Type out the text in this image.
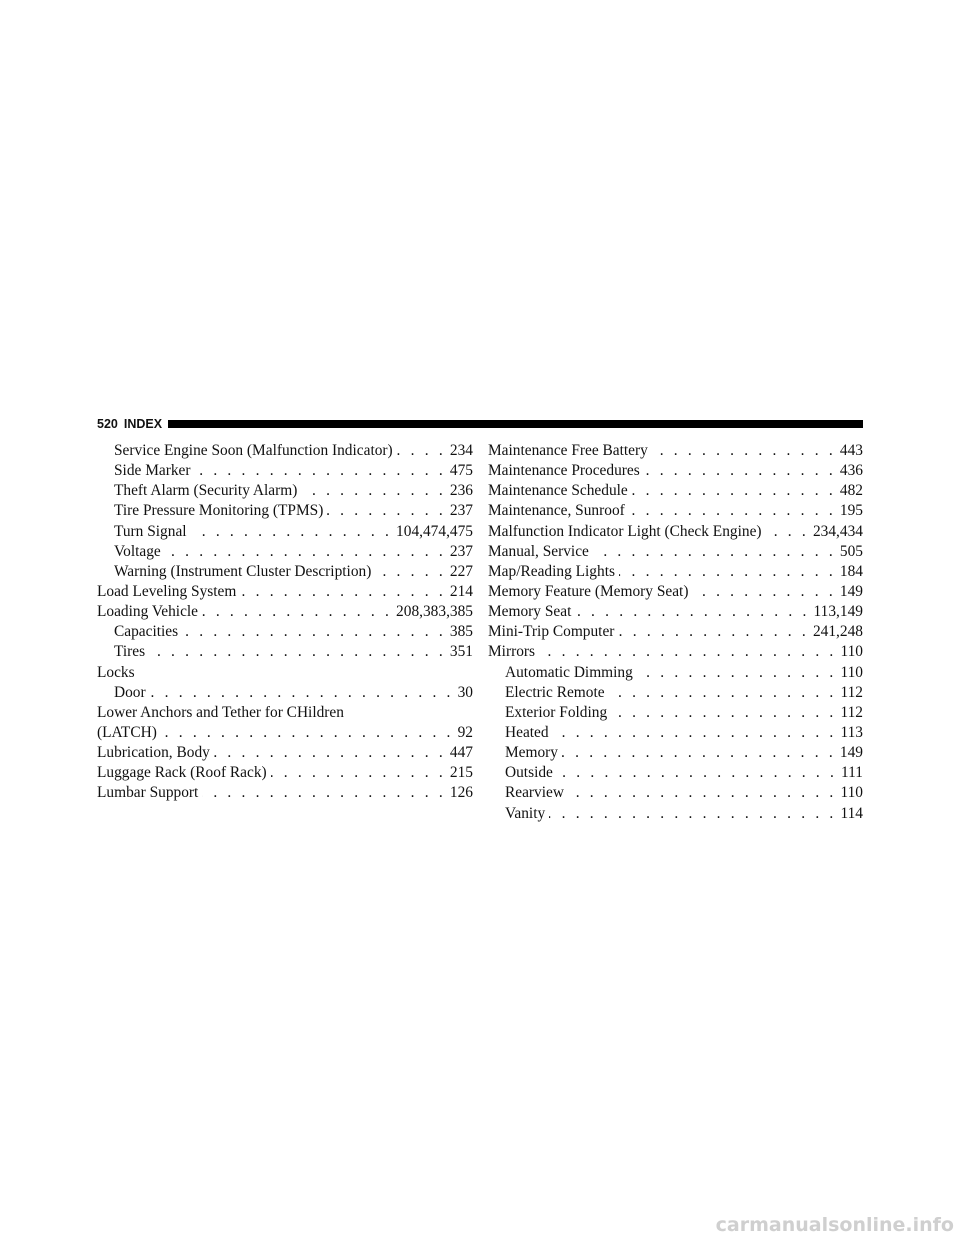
520 INDEX
Service Engine Soon (Malfunction Indicator) . . .	234
Side Marker . . .	475
Theft Alarm (Security Alarm) . . .	236
Tire Pressure Monitoring (TPMS) . . .	237
Turn Signal . . .	104,474,475
Voltage . . .	237
Warning (Instrument Cluster Description) . . .	227
Load Leveling System . . .	214
Loading Vehicle . . .	208,383,385
Capacities . . .	385
Tires . . .	351
Locks
Door . . .	30
Lower Anchors and Tether for CHildren
(LATCH) . . .	92
Lubrication, Body . . .	447
Luggage Rack (Roof Rack) . . .	215
Lumbar Support . . .	126
Maintenance Free Battery . . .	443
Maintenance Procedures . . .	436
Maintenance Schedule . . .	482
Maintenance, Sunroof . . .	195
Malfunction Indicator Light (Check Engine) . . .	234,434
Manual, Service . . .	505
Map/Reading Lights . . .	184
Memory Feature (Memory Seat) . . .	149
Memory Seat . . .	113,149
Mini-Trip Computer . . .	241,248
Mirrors . . .	110
Automatic Dimming . . .	110
Electric Remote . . .	112
Exterior Folding . . .	112
Heated . . .	113
Memory . . .	149
Outside . . .	111
Rearview . . .	110
Vanity . . .	114
carmanualsonline.info
